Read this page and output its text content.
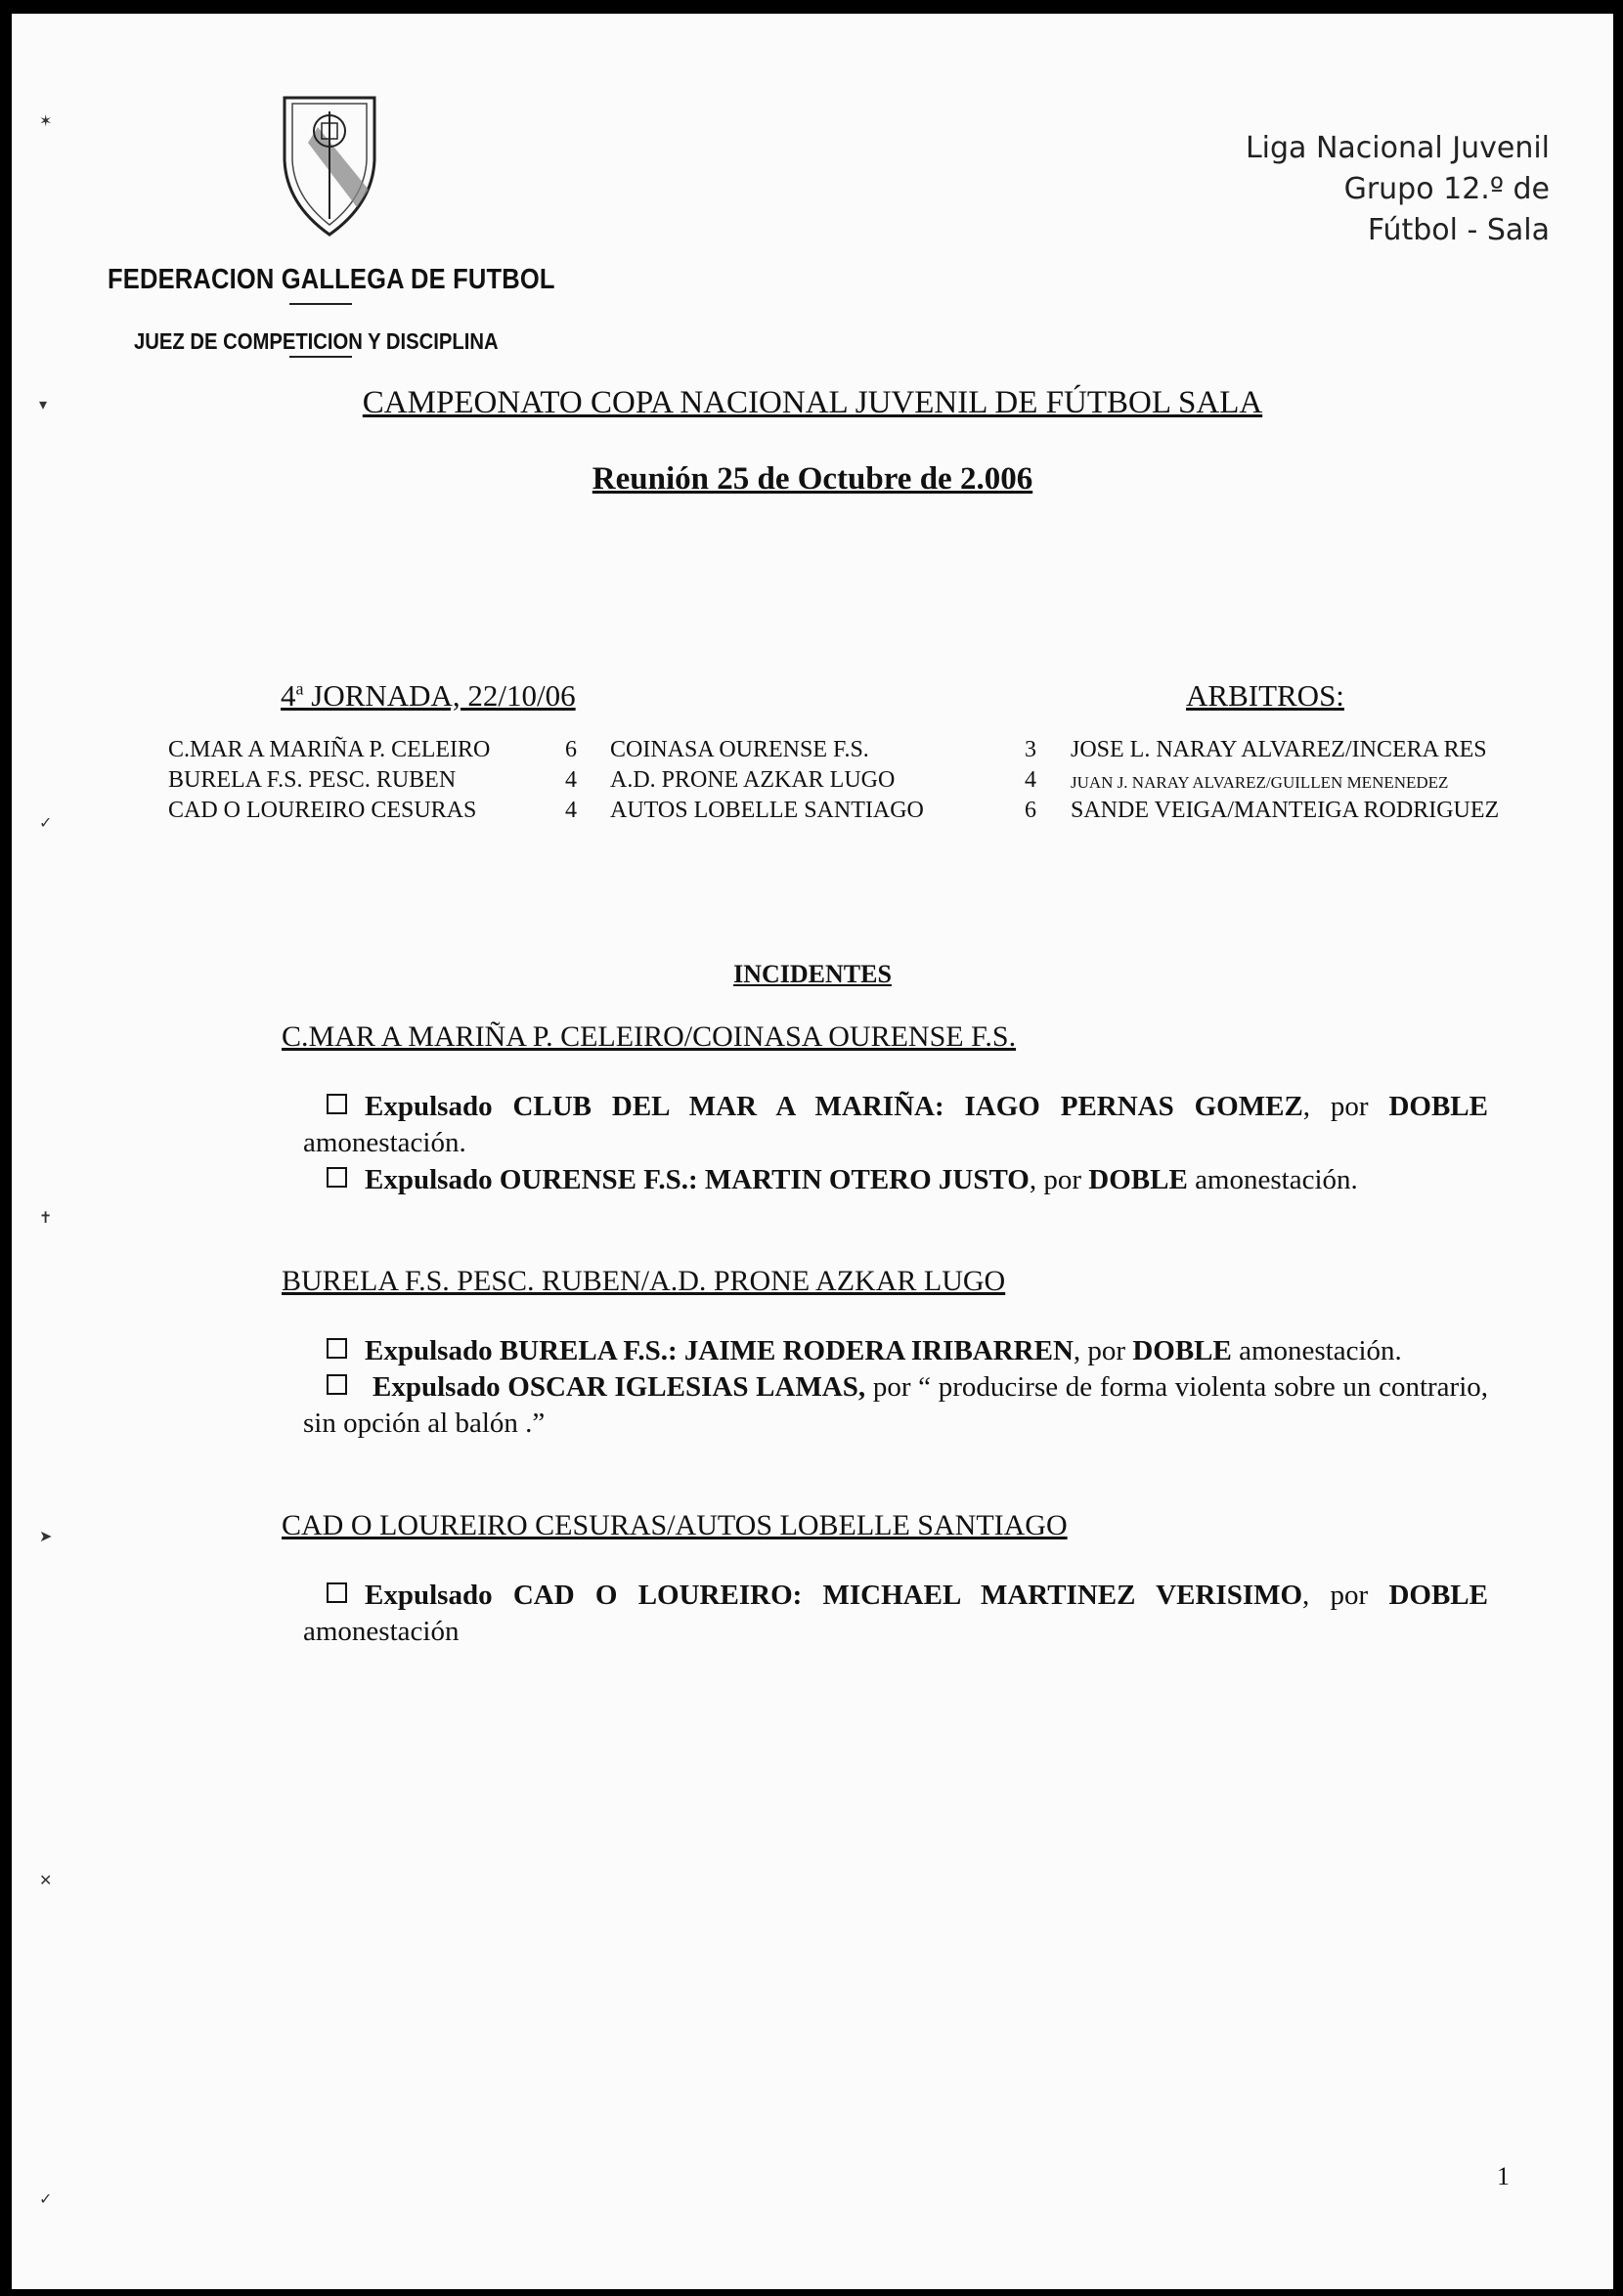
✶
▾
✓
✝
➤
✕
✓
FEDERACION GALLEGA DE FUTBOL
JUEZ DE COMPETICION Y DISCIPLINA
Liga Nacional Juvenil
Grupo 12.º de
Fútbol - Sala
CAMPEONATO COPA NACIONAL JUVENIL DE FÚTBOL SALA
Reunión 25 de Octubre de 2.006
4$^a$ JORNADA, 22/10/06	ARBITROS:
C.MAR A MARIÑA P. CELEIRO	6 COINASA OURENSE F.S.	3 JOSE L. NARAY ALVAREZ/INCERA RES
BURELA F.S. PESC. RUBEN	4 A.D. PRONE AZKAR LUGO	4 JUAN J. NARAY ALVAREZ/GUILLEN MENENEDEZ
CAD O LOUREIRO CESURAS	4 AUTOS LOBELLE SANTIAGO	6 SANDE VEIGA/MANTEIGA RODRIGUEZ
INCIDENTES
C.MAR A MARIÑA P. CELEIRO/COINASA OURENSE F.S.
Expulsado CLUB DEL MAR A MARIÑA: IAGO PERNAS GOMEZ, por DOBLE amonestación.
Expulsado OURENSE F.S.: MARTIN OTERO JUSTO, por DOBLE amonestación.
BURELA F.S. PESC. RUBEN/A.D. PRONE AZKAR LUGO
Expulsado BURELA F.S.: JAIME RODERA IRIBARREN, por DOBLE amonestación.
Expulsado OSCAR IGLESIAS LAMAS, por “ producirse de forma violenta sobre un contrario, sin opción al balón .”
CAD O LOUREIRO CESURAS/AUTOS LOBELLE SANTIAGO
Expulsado CAD O LOUREIRO: MICHAEL MARTINEZ VERISIMO, por DOBLE amonestación
1
